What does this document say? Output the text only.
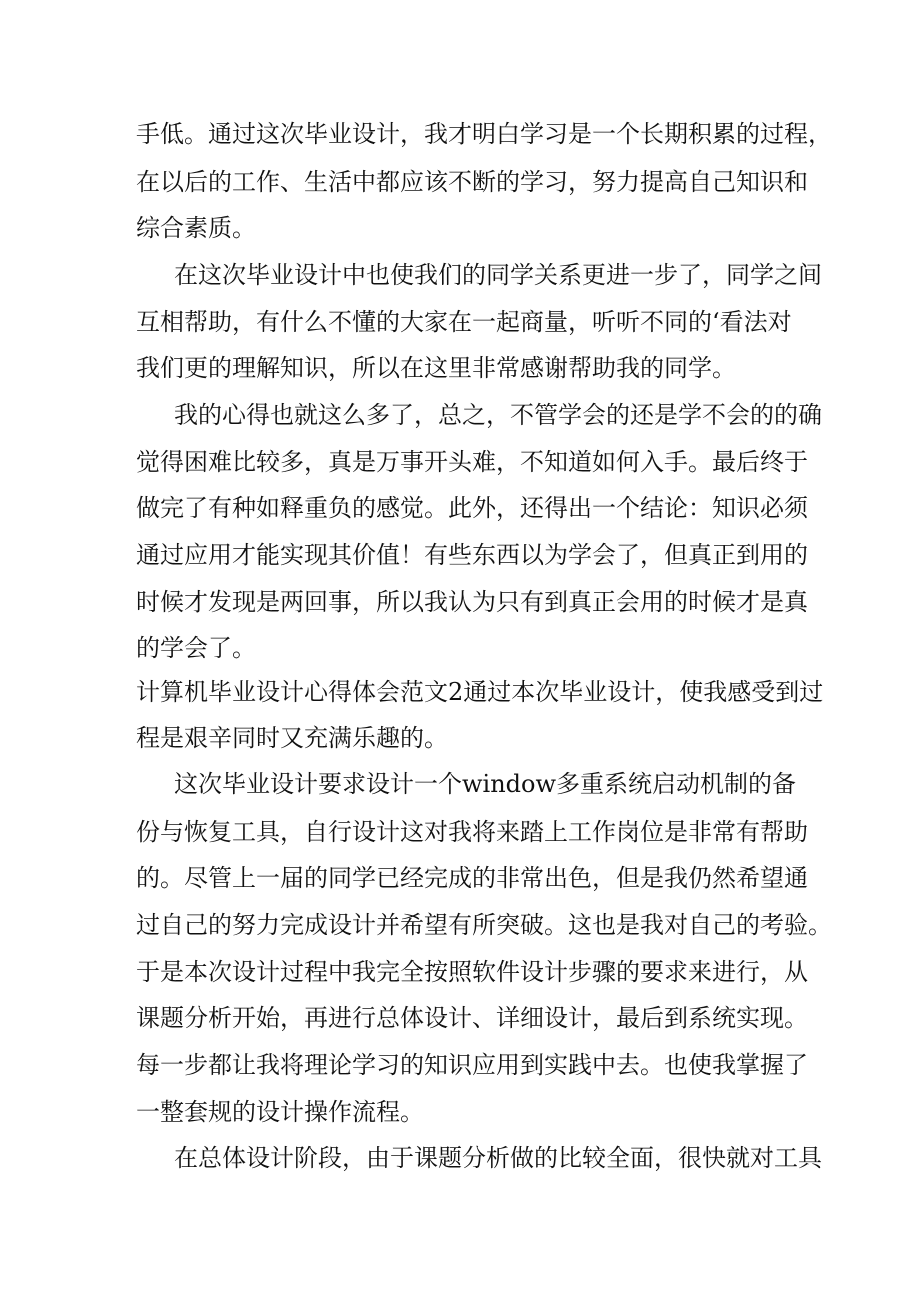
手低。通过这次毕业设计，我才明白学习是一个长期积累的过程，
在以后的工作、生活中都应该不断的学习，努力提高自己知识和
综合素质。
在这次毕业设计中也使我们的同学关系更进一步了，同学之间
互相帮助，有什么不懂的大家在一起商量，听听不同的‘看法对
我们更的理解知识，所以在这里非常感谢帮助我的同学。
我的心得也就这么多了，总之，不管学会的还是学不会的的确
觉得困难比较多，真是万事开头难，不知道如何入手。最后终于
做完了有种如释重负的感觉。此外，还得出一个结论：知识必须
通过应用才能实现其价值！有些东西以为学会了，但真正到用的
时候才发现是两回事，所以我认为只有到真正会用的时候才是真
的学会了。
计算机毕业设计心得体会范文2通过本次毕业设计，使我感受到过
程是艰辛同时又充满乐趣的。
这次毕业设计要求设计一个window多重系统启动机制的备
份与恢复工具，自行设计这对我将来踏上工作岗位是非常有帮助
的。尽管上一届的同学已经完成的非常出色，但是我仍然希望通
过自己的努力完成设计并希望有所突破。这也是我对自己的考验。
于是本次设计过程中我完全按照软件设计步骤的要求来进行，从
课题分析开始，再进行总体设计、详细设计，最后到系统实现。
每一步都让我将理论学习的知识应用到实践中去。也使我掌握了
一整套规的设计操作流程。
在总体设计阶段，由于课题分析做的比较全面，很快就对工具
